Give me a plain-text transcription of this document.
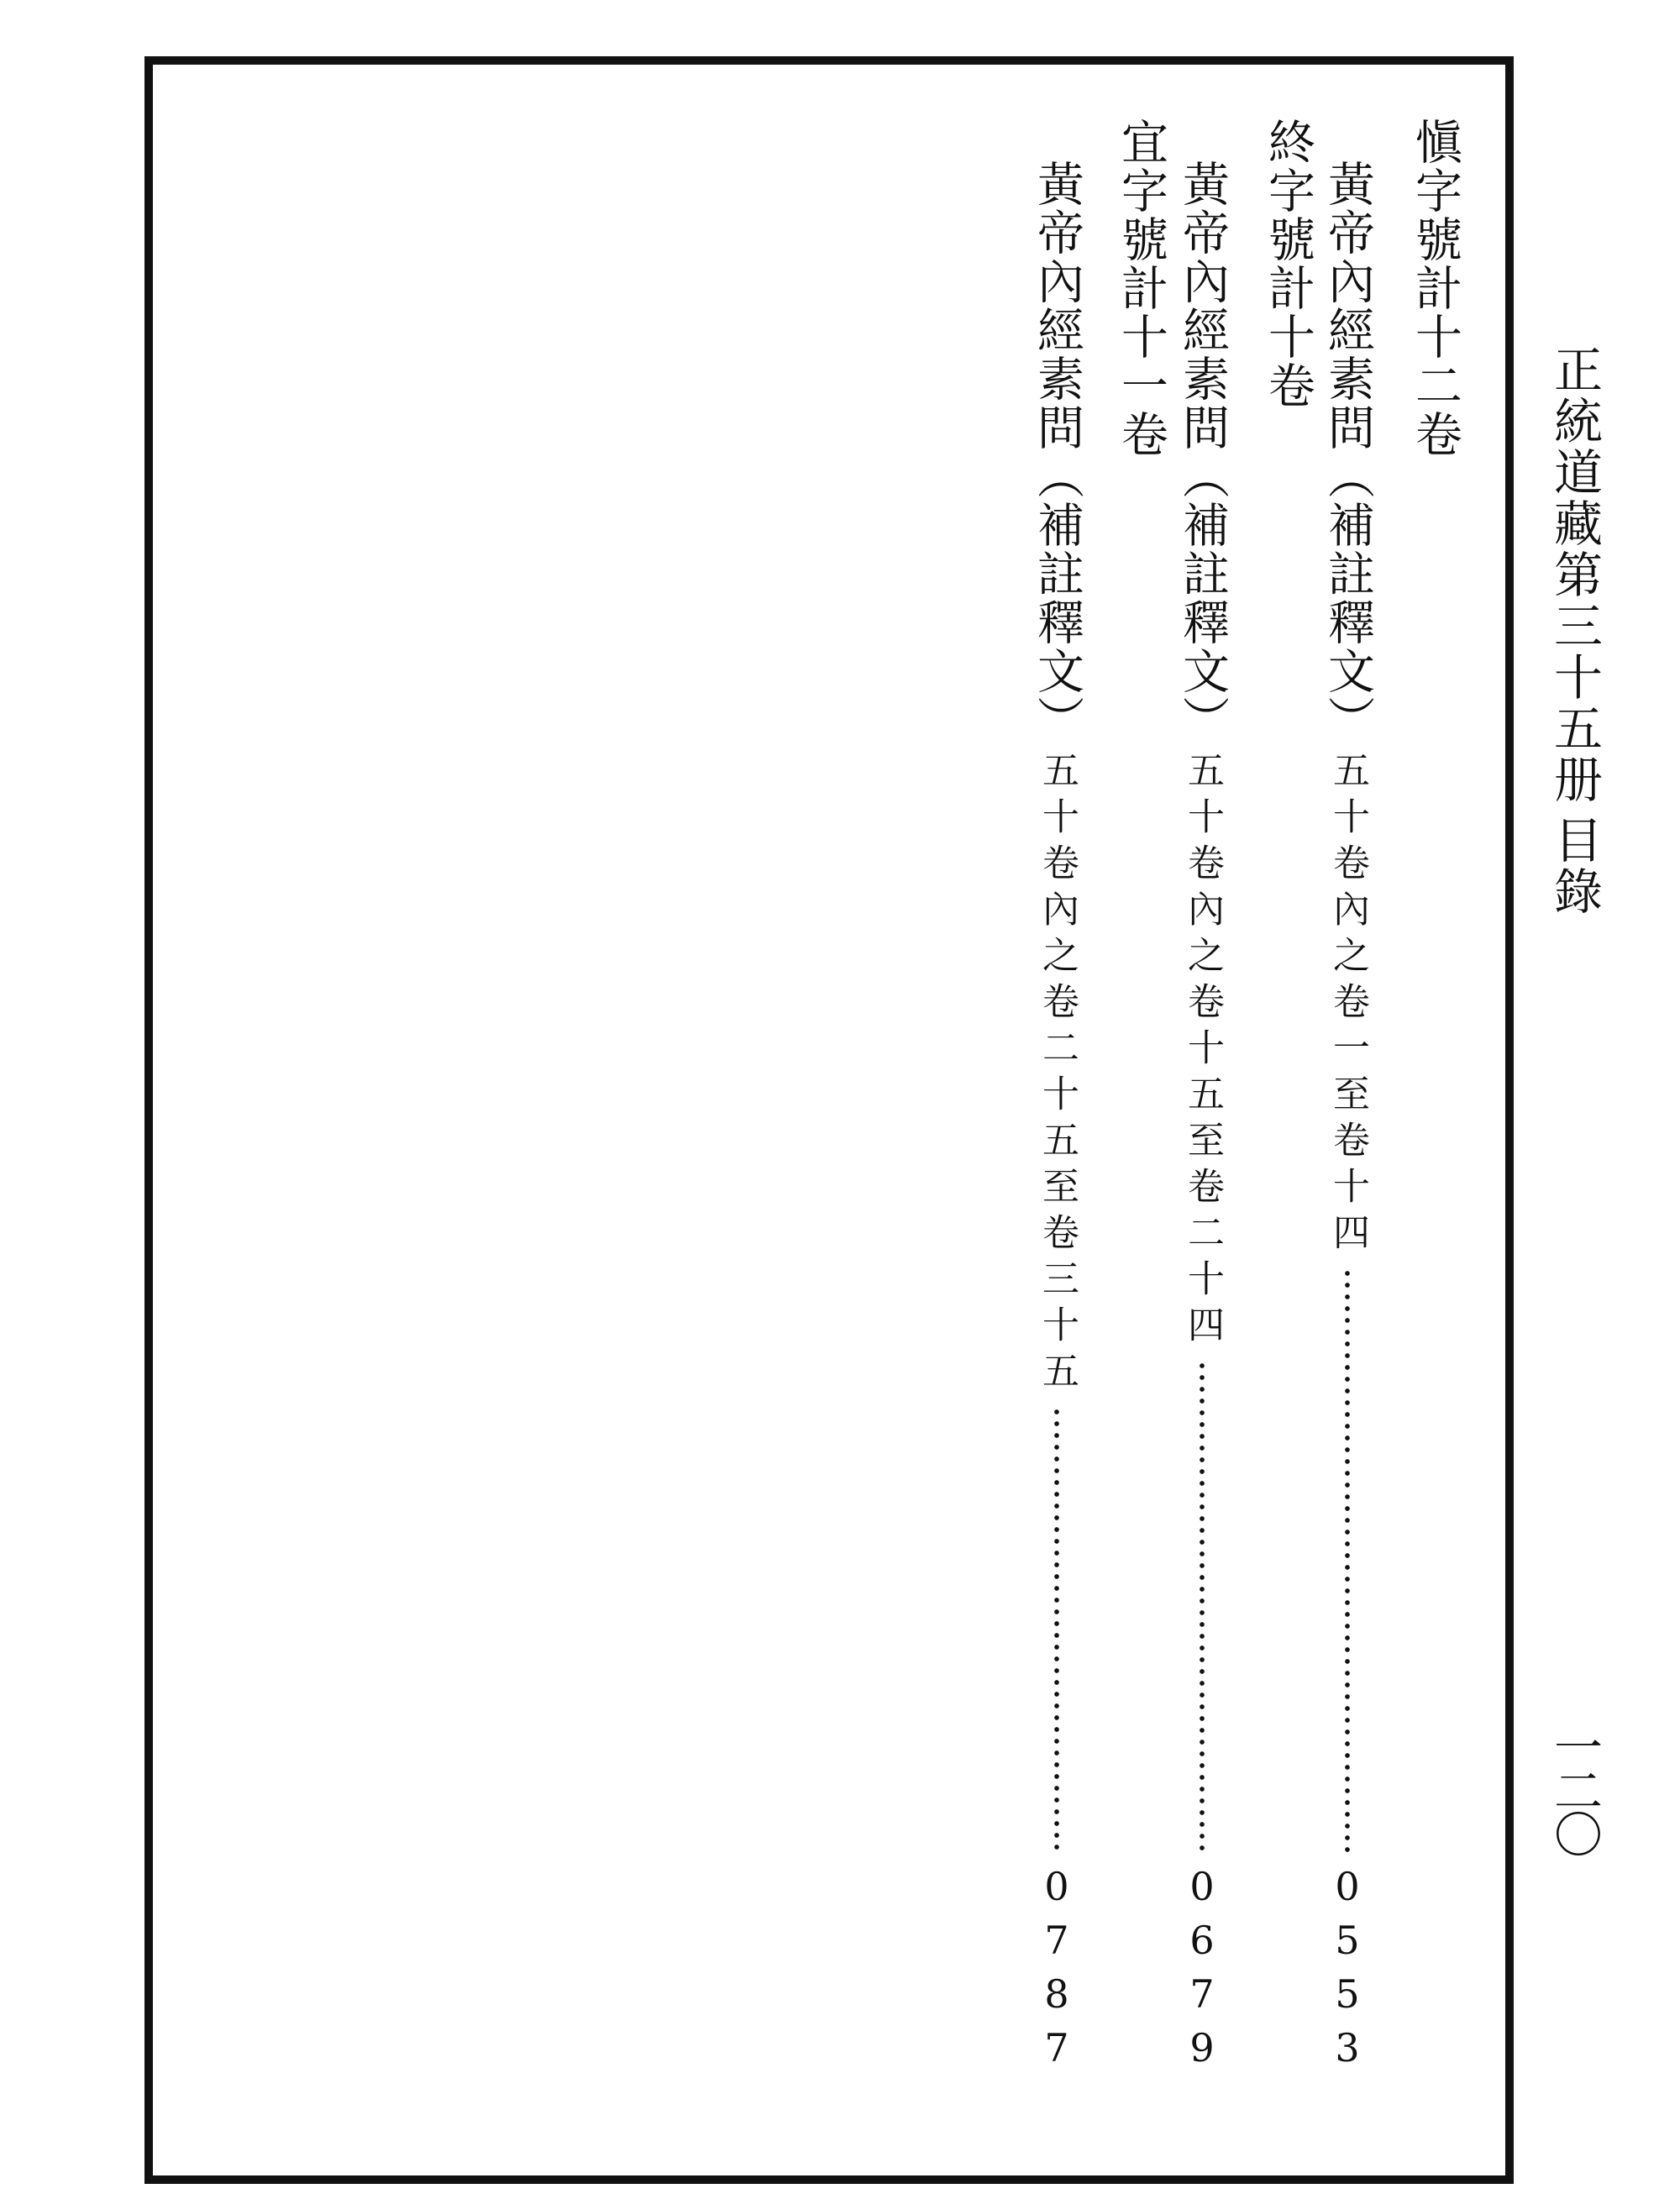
正統道藏第三十五册
目錄
一二〇
愼字號計十二卷
黃帝內經素問（補註釋文）
五十卷內之卷一至卷十四
0553
終字號計十卷
黃帝內經素問（補註釋文）
五十卷內之卷十五至卷二十四
0679
宜字號計十一卷
黃帝內經素問（補註釋文）
五十卷內之卷二十五至卷三十五
0787
